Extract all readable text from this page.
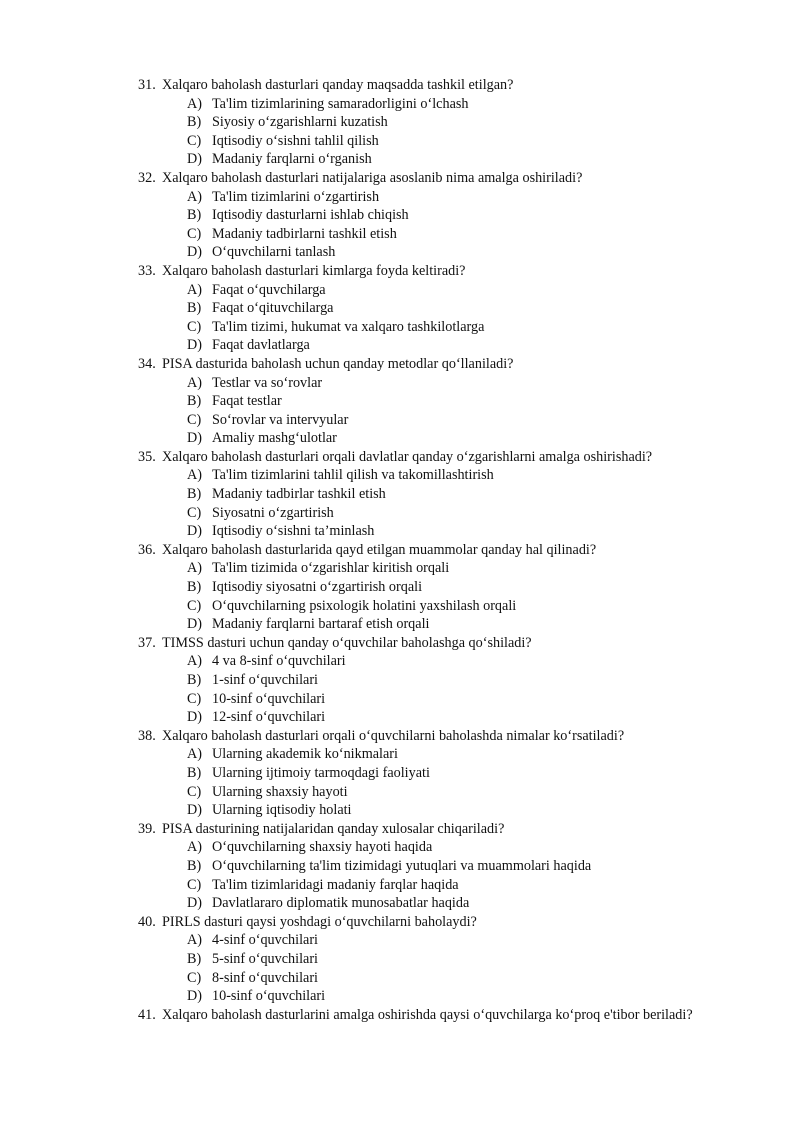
31. Xalqaro baholash dasturlari qanday maqsadda tashkil etilgan?
A) Ta'lim tizimlarining samaradorligini o‘lchash
B) Siyosiy o‘zgarishlarni kuzatish
C) Iqtisodiy o‘sishni tahlil qilish
D) Madaniy farqlarni o‘rganish
32. Xalqaro baholash dasturlari natijalariga asoslanib nima amalga oshiriladi?
A) Ta'lim tizimlarini o‘zgartirish
B) Iqtisodiy dasturlarni ishlab chiqish
C) Madaniy tadbirlarni tashkil etish
D) O‘quvchilarni tanlash
33. Xalqaro baholash dasturlari kimlarga foyda keltiradi?
A) Faqat o‘quvchilarga
B) Faqat o‘qituvchilarga
C) Ta'lim tizimi, hukumat va xalqaro tashkilotlarga
D) Faqat davlatlarga
34. PISA dasturida baholash uchun qanday metodlar qo‘llaniladi?
A) Testlar va so‘rovlar
B) Faqat testlar
C) So‘rovlar va intervyular
D) Amaliy mashg‘ulotlar
35. Xalqaro baholash dasturlari orqali davlatlar qanday o‘zgarishlarni amalga oshirishadi?
A) Ta'lim tizimlarini tahlil qilish va takomillashtirish
B) Madaniy tadbirlar tashkil etish
C) Siyosatni o‘zgartirish
D) Iqtisodiy o‘sishni ta’minlash
36. Xalqaro baholash dasturlarida qayd etilgan muammolar qanday hal qilinadi?
A) Ta'lim tizimida o‘zgarishlar kiritish orqali
B) Iqtisodiy siyosatni o‘zgartirish orqali
C) O‘quvchilarning psixologik holatini yaxshilash orqali
D) Madaniy farqlarni bartaraf etish orqali
37. TIMSS dasturi uchun qanday o‘quvchilar baholashga qo‘shiladi?
A) 4 va 8-sinf o‘quvchilari
B) 1-sinf o‘quvchilari
C) 10-sinf o‘quvchilari
D) 12-sinf o‘quvchilari
38. Xalqaro baholash dasturlari orqali o‘quvchilarni baholashda nimalar ko‘rsatiladi?
A) Ularning akademik ko‘nikmalari
B) Ularning ijtimoiy tarmoqdagi faoliyati
C) Ularning shaxsiy hayoti
D) Ularning iqtisodiy holati
39. PISA dasturining natijalaridan qanday xulosalar chiqariladi?
A) O‘quvchilarning shaxsiy hayoti haqida
B) O‘quvchilarning ta'lim tizimidagi yutuqlari va muammolari haqida
C) Ta'lim tizimlaridagi madaniy farqlar haqida
D) Davlatlararo diplomatik munosabatlar haqida
40. PIRLS dasturi qaysi yoshdagi o‘quvchilarni baholaydi?
A) 4-sinf o‘quvchilari
B) 5-sinf o‘quvchilari
C) 8-sinf o‘quvchilari
D) 10-sinf o‘quvchilari
41. Xalqaro baholash dasturlarini amalga oshirishda qaysi o‘quvchilarga ko‘proq e'tibor beriladi?
